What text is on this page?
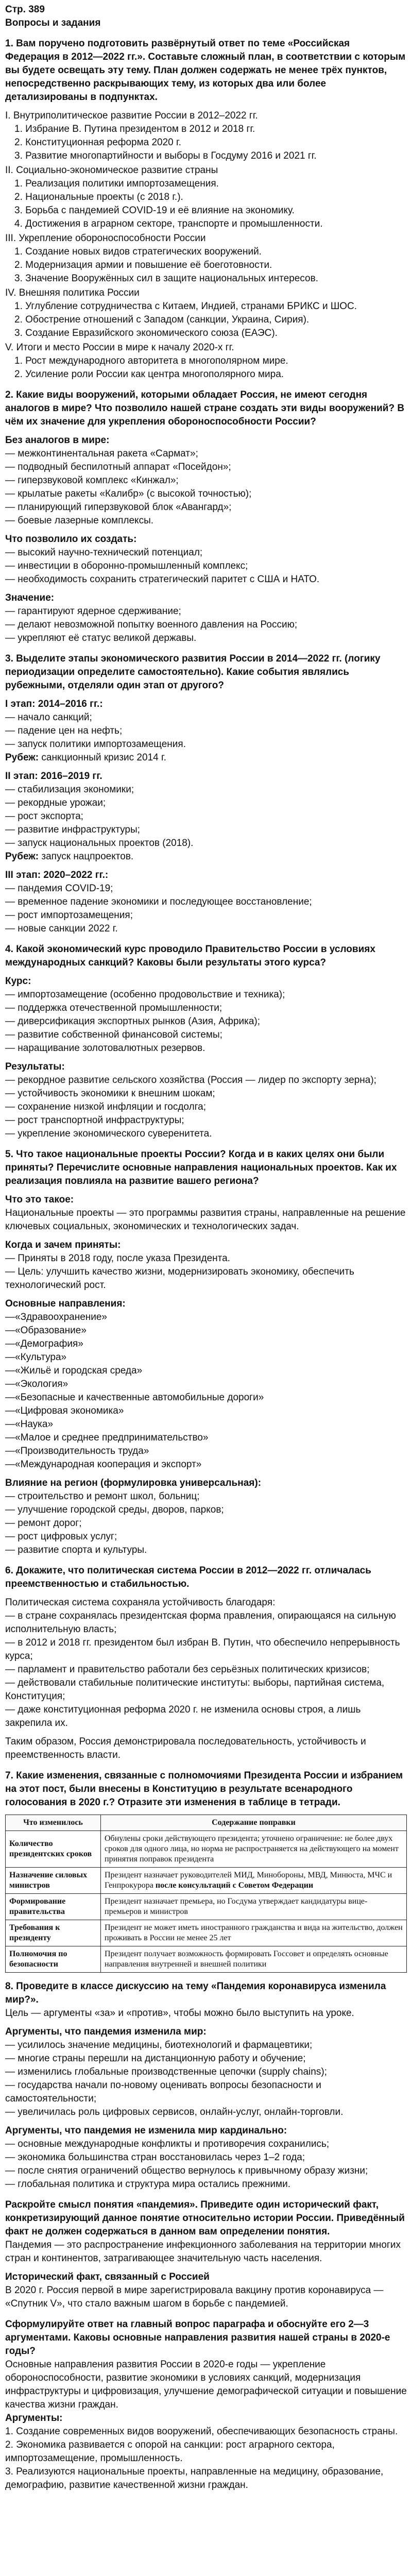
Стр. 389

Вопросы и задания

1. Вам поручено подготовить развёрнутый ответ по теме «Российская Федерация в 2012—2022 гг.». Составьте сложный план, в соответствии с которым вы будете освещать эту тему. План должен содержать не менее трёх пунктов, непосредственно раскрывающих тему, из которых два или более детализированы в подпунктах.

I. Внутриполитическое развитие России в 2012–2022 гг.

1. Избрание В. Путина президентом в 2012 и 2018 гг.

2. Конституционная реформа 2020 г.

3. Развитие многопартийности и выборы в Госдуму 2016 и 2021 гг.

II. Социально-экономическое развитие страны

1. Реализация политики импортозамещения.

2. Национальные проекты (с 2018 г.).

3. Борьба с пандемией COVID-19 и её влияние на экономику.

4. Достижения в аграрном секторе, транспорте и промышленности.

III. Укрепление обороноспособности России

1. Создание новых видов стратегических вооружений.

2. Модернизация армии и повышение её боеготовности.

3. Значение Вооружённых сил в защите национальных интересов.

IV. Внешняя политика России

1. Углубление сотрудничества с Китаем, Индией, странами БРИКС и ШОС.

2. Обострение отношений с Западом (санкции, Украина, Сирия).

3. Создание Евразийского экономического союза (ЕАЭС).

V. Итоги и место России в мире к началу 2020-х гг.

1. Рост международного авторитета в многополярном мире.

2. Усиление роли России как центра многополярного мира.

2. Какие виды вооружений, которыми обладает Россия, не имеют сегодня аналогов в мире? Что позволило нашей стране создать эти виды вооружений? В чём их значение для укрепления обороноспособности России?

Без аналогов в мире:

— межконтинентальная ракета «Сармат»;

— подводный беспилотный аппарат «Посейдон»;

— гиперзвуковой комплекс «Кинжал»;

— крылатые ракеты «Калибр» (с высокой точностью);

— планирующий гиперзвуковой блок «Авангард»;

— боевые лазерные комплексы.

Что позволило их создать:

— высокий научно-технический потенциал;

— инвестиции в оборонно-промышленный комплекс;

— необходимость сохранить стратегический паритет с США и НАТО.

Значение:

— гарантируют ядерное сдерживание;

— делают невозможной попытку военного давления на Россию;

— укрепляют её статус великой державы.

3. Выделите этапы экономического развития России в 2014—2022 гг. (логику периодизации определите самостоятельно). Какие события являлись рубежными, отделяли один этап от другого?

I этап: 2014–2016 гг.:

— начало санкций;

— падение цен на нефть;

— запуск политики импортозамещения.

Рубеж: санкционный кризис 2014 г.

II этап: 2016–2019 гг.

— стабилизация экономики;

— рекордные урожаи;

— рост экспорта;

— развитие инфраструктуры;

— запуск национальных проектов (2018).

Рубеж: запуск нацпроектов.

III этап: 2020–2022 гг.:

— пандемия COVID-19;

— временное падение экономики и последующее восстановление;

— рост импортозамещения;

— новые санкции 2022 г.

4. Какой экономический курс проводило Правительство России в условиях международных санкций? Каковы были результаты этого курса?

Курс:

— импортозамещение (особенно продовольствие и техника);

— поддержка отечественной промышленности;

— диверсификация экспортных рынков (Азия, Африка);

— развитие собственной финансовой системы;

— наращивание золотовалютных резервов.

Результаты:

— рекордное развитие сельского хозяйства (Россия — лидер по экспорту зерна);

— устойчивость экономики к внешним шокам;

— сохранение низкой инфляции и госдолга;

— рост транспортной инфраструктуры;

— укрепление экономического суверенитета.

5. Что такое национальные проекты России? Когда и в каких целях они были приняты? Перечислите основные направления национальных проектов. Как их реализация повлияла на развитие вашего региона?

Что это такое:

Национальные проекты — это программы развития страны, направленные на решение ключевых социальных, экономических и технологических задач.

Когда и зачем приняты:

— Приняты в 2018 году, после указа Президента.

— Цель: улучшить качество жизни, модернизировать экономику, обеспечить технологический рост.

Основные направления:

—«Здравоохранение»

—«Образование»

—«Демография»

—«Культура»

—«Жильё и городская среда»

—«Экология»

—«Безопасные и качественные автомобильные дороги»

—«Цифровая экономика»

—«Наука»

—«Малое и среднее предпринимательство»

—«Производительность труда»

—«Международная кооперация и экспорт»

Влияние на регион (формулировка универсальная):

— строительство и ремонт школ, больниц;

— улучшение городской среды, дворов, парков;

— ремонт дорог;

— рост цифровых услуг;

— развитие спорта и культуры.

6. Докажите, что политическая система России в 2012—2022 гг. отличалась преемственностью и стабильностью.

Политическая система сохраняла устойчивость благодаря:

— в стране сохранялась президентская форма правления, опирающаяся на сильную исполнительную власть;

— в 2012 и 2018 гг. президентом был избран В. Путин, что обеспечило непрерывность курса;

— парламент и правительство работали без серьёзных политических кризисов;

— действовали стабильные политические институты: выборы, партийная система, Конституция;

— даже конституционная реформа 2020 г. не изменила основы строя, а лишь закрепила их.

Таким образом, Россия демонстрировала последовательность, устойчивость и преемственность власти.

7. Какие изменения, связанные с полномочиями Президента России и избранием на этот пост, были внесены в Конституцию в результате всенародного голосования в 2020 г.? Отразите эти изменения в таблице в тетради.

Что изменилось	Содержание поправки
Количество президентских сроков	Обнулены сроки действующего президента; уточнено ограничение: не более двух сроков для одного лица, но норма не распространяется на действующего на момент принятия поправок президента
Назначение силовых министров	Президент назначает руководителей МИД, Минобороны, МВД, Минюста, МЧС и Генпрокурора после консультаций с Советом Федерации
Формирование правительства	Президент назначает премьера, но Госдума утверждает кандидатуры вице-премьеров и министров
Требования к президенту	Президент не может иметь иностранного гражданства и вида на жительство, должен проживать в России не менее 25 лет
Полномочия по безопасности	Президент получает возможность формировать Госсовет и определять основные направления внутренней и внешней политики

8. Проведите в классе дискуссию на тему «Пандемия коронавируса изменила мир?».

Цель — аргументы «за» и «против», чтобы можно было выступить на уроке.

Аргументы, что пандемия изменила мир:

— усилилось значение медицины, биотехнологий и фармацевтики;

— многие страны перешли на дистанционную работу и обучение;

— изменились глобальные производственные цепочки (supply chains);

— государства начали по-новому оценивать вопросы безопасности и самостоятельности;

— увеличилась роль цифровых сервисов, онлайн-услуг, онлайн-торговли.

Аргументы, что пандемия не изменила мир кардинально:

— основные международные конфликты и противоречия сохранились;

— экономика большинства стран восстановилась через 1–2 года;

— после снятия ограничений общество вернулось к привычному образу жизни;

— глобальная политика и структура мира остались прежними.

Раскройте смысл понятия «пандемия». Приведите один исторический факт, конкретизирующий данное понятие относительно истории России. Приведённый факт не должен содержаться в данном вам определении понятия.

Пандемия — это распространение инфекционного заболевания на территории многих стран и континентов, затрагивающее значительную часть населения.

Исторический факт, связанный с Россией

В 2020 г. Россия первой в мире зарегистрировала вакцину против коронавируса — «Спутник V», что стало важным шагом в борьбе с пандемией.

Сформулируйте ответ на главный вопрос параграфа и обоснуйте его 2—3 аргументами. Каковы основные направления развития нашей страны в 2020-е годы?

Основные направления развития России в 2020-е годы — укрепление обороноспособности, развитие экономики в условиях санкций, модернизация инфраструктуры и цифровизация, улучшение демографической ситуации и повышение качества жизни граждан.

Аргументы:

1. Создание современных видов вооружений, обеспечивающих безопасность страны.

2. Экономика развивается с опорой на санкции: рост аграрного сектора, импортозамещение, промышленность.

3. Реализуются национальные проекты, направленные на медицину, образование, демографию, развитие качественной жизни граждан.
